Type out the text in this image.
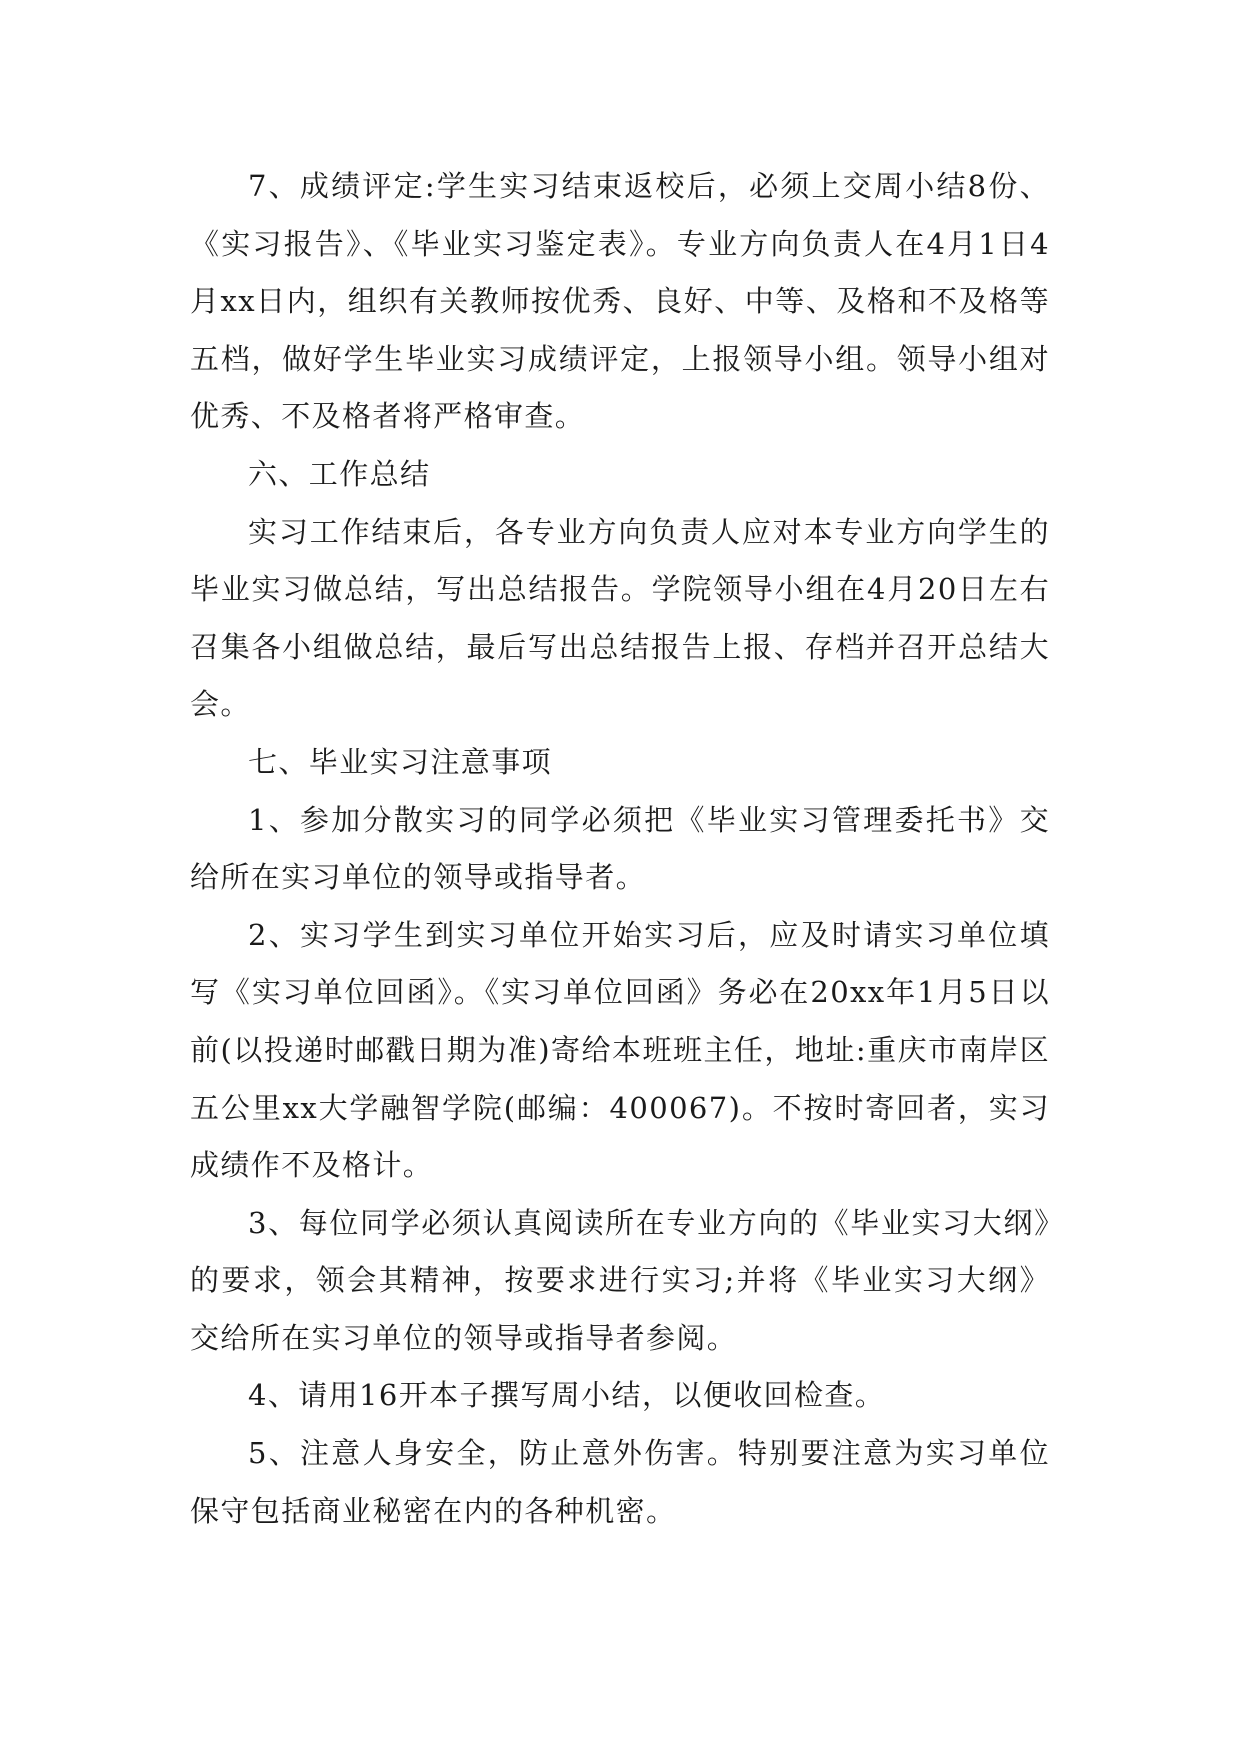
7、成绩评定:学生实习结束返校后，必须上交周小结8份、《实习报告》、《毕业实习鉴定表》。专业方向负责人在4月1日4月xx日内，组织有关教师按优秀、良好、中等、及格和不及格等五档，做好学生毕业实习成绩评定，上报领导小组。领导小组对优秀、不及格者将严格审查。

六、工作总结

实习工作结束后，各专业方向负责人应对本专业方向学生的毕业实习做总结，写出总结报告。学院领导小组在4月20日左右召集各小组做总结，最后写出总结报告上报、存档并召开总结大会。

七、毕业实习注意事项

1、参加分散实习的同学必须把《毕业实习管理委托书》交给所在实习单位的领导或指导者。

2、实习学生到实习单位开始实习后，应及时请实习单位填写《实习单位回函》。《实习单位回函》务必在20xx年1月5日以前(以投递时邮戳日期为准)寄给本班班主任，地址:重庆市南岸区五公里xx大学融智学院(邮编：400067)。不按时寄回者，实习成绩作不及格计。

3、每位同学必须认真阅读所在专业方向的《毕业实习大纲》的要求，领会其精神，按要求进行实习;并将《毕业实习大纲》交给所在实习单位的领导或指导者参阅。

4、请用16开本子撰写周小结，以便收回检查。

5、注意人身安全，防止意外伤害。特别要注意为实习单位保守包括商业秘密在内的各种机密。
